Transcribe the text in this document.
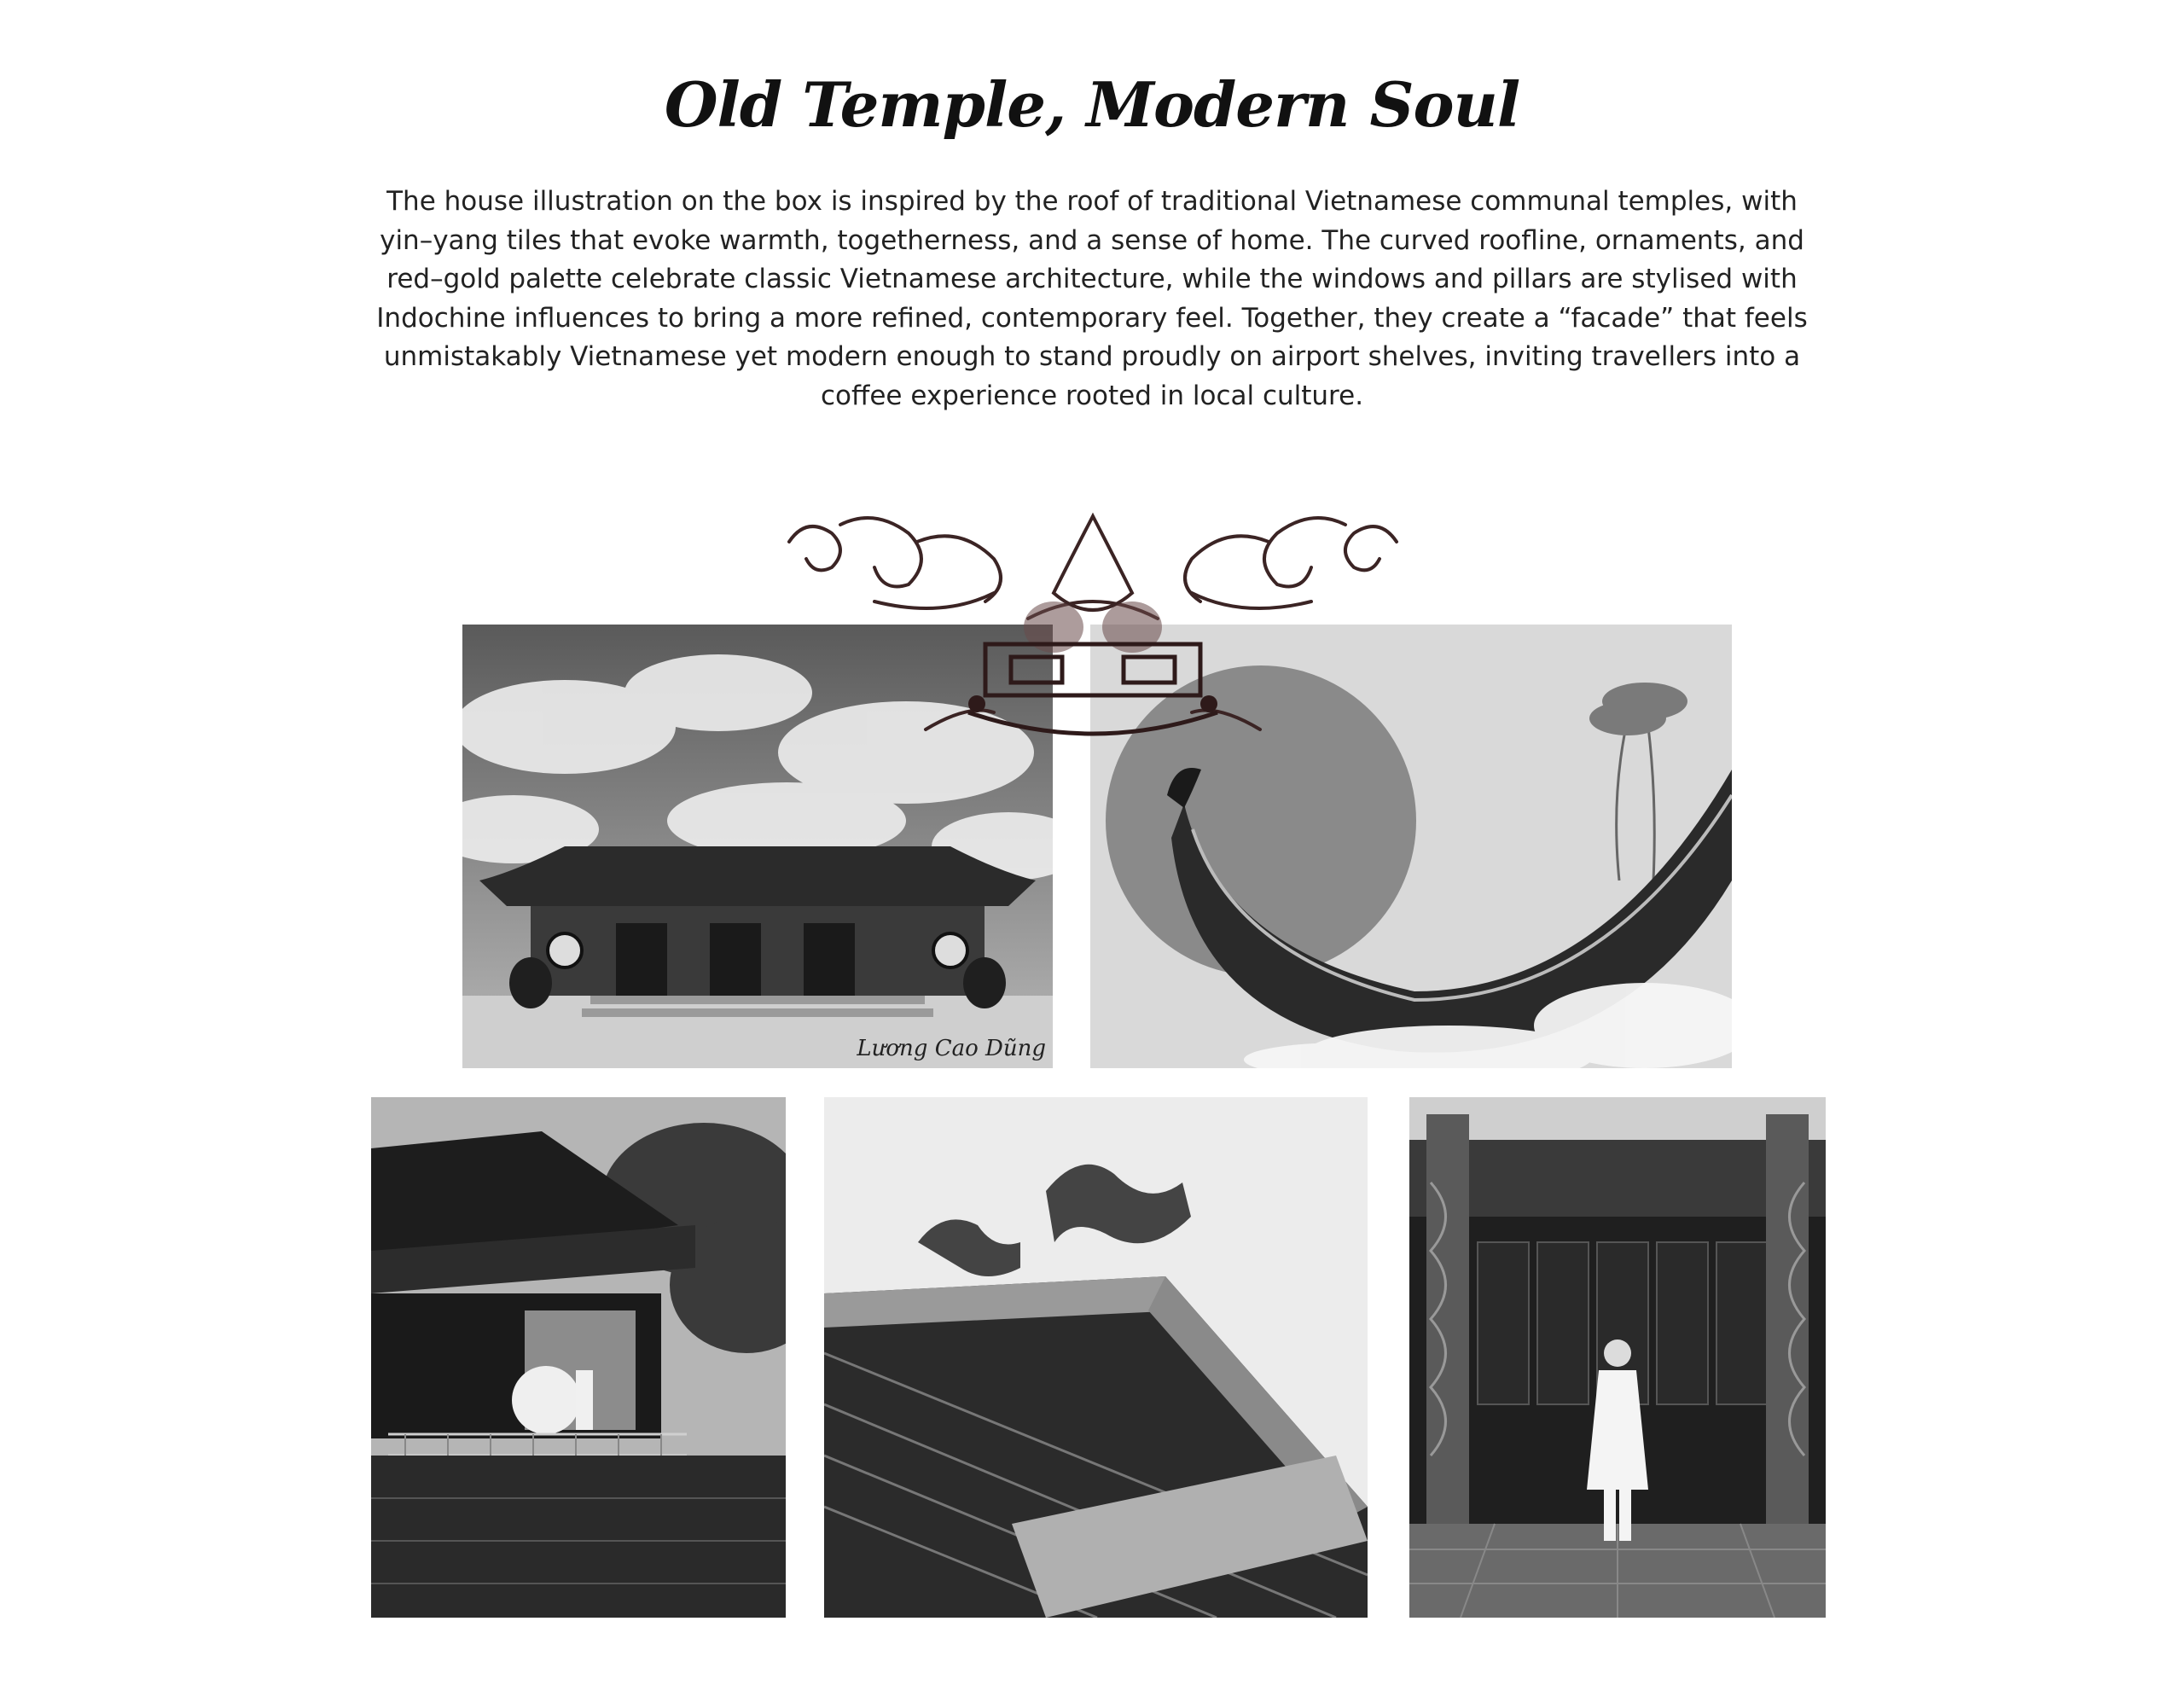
Old Temple, Modern Soul

The house illustration on the box is inspired by the roof of traditional Vietnamese communal temples, with yin–yang tiles that evoke warmth, togetherness, and a sense of home. The curved roofline, ornaments, and red–gold palette celebrate classic Vietnamese architecture, while the windows and pillars are stylised with Indochine influences to bring a more refined, contemporary feel. Together, they create a “facade” that feels unmistakably Vietnamese yet modern enough to stand proudly on airport shelves, inviting travellers into a coffee experience rooted in local culture.

Lương Cao Dũng
